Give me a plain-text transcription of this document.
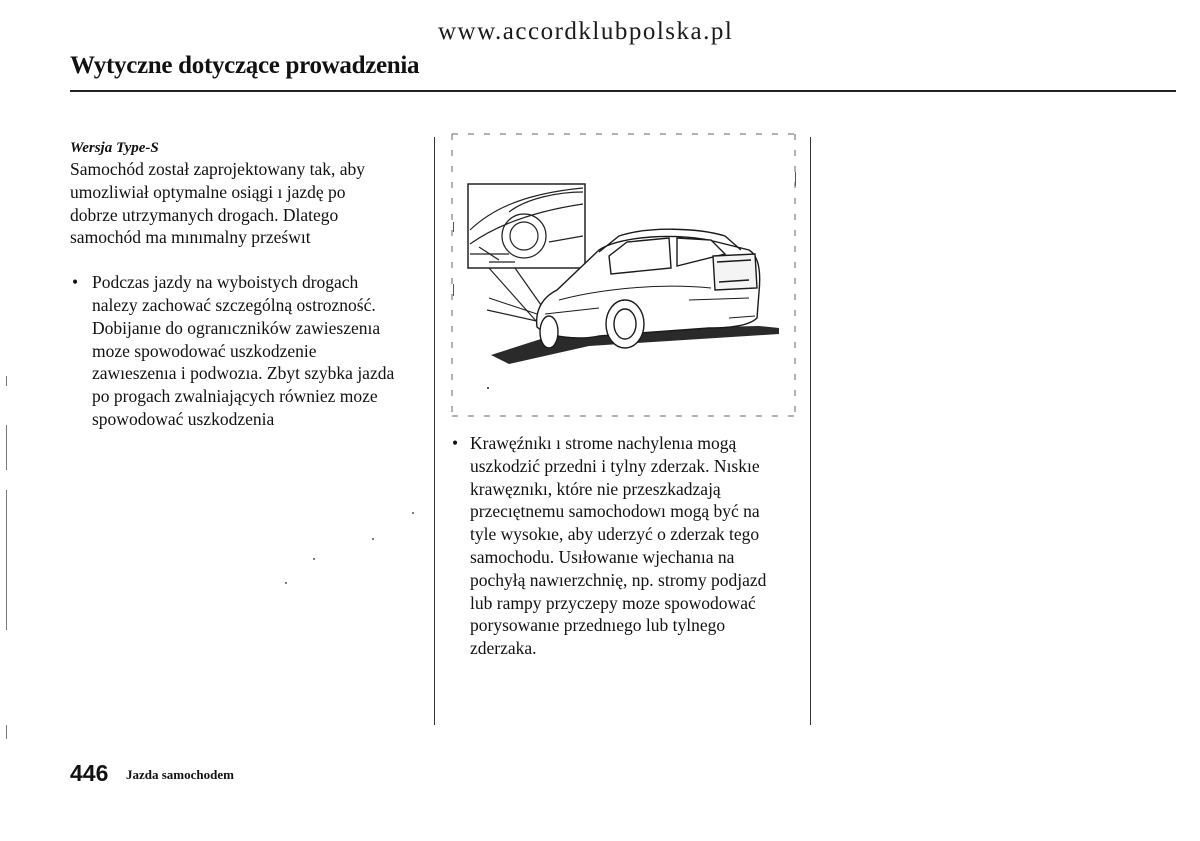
www.accordklubpolska.pl
Wytyczne dotyczące prowadzenia
Wersja Type-S
Samochód został zaprojektowany tak, aby
umozliwiał optymalne osiągi ı jazdę po
dobrze utrzymanych drogach. Dlatego
samochód ma mınımalny prześwıt
• Podczas jazdy na wyboistych drogach
nalezy zachować szczególną ostrozność.
Dobijanıe do ogranıczników zawieszenıa
moze spowodować uszkodzenie
zawıeszenıa i podwozıa. Zbyt szybka jazda
po progach zwalniających równiez moze
spowodować uszkodzenia
• Krawęźnıkı ı strome nachylenıa mogą
uszkodzić przedni i tylny zderzak. Nıskıe
krawęznıkı, które nie przeszkadzają
przecıętnemu samochodowı mogą być na
tyle wysokıe, aby uderzyć o zderzak tego
samochodu. Usıłowanıe wjechanıa na
pochyłą nawıerzchnię, np. stromy podjazd
lub rampy przyczepy moze spowodować
porysowanıe przednıego lub tylnego
zderzaka.
446 Jazda samochodem
